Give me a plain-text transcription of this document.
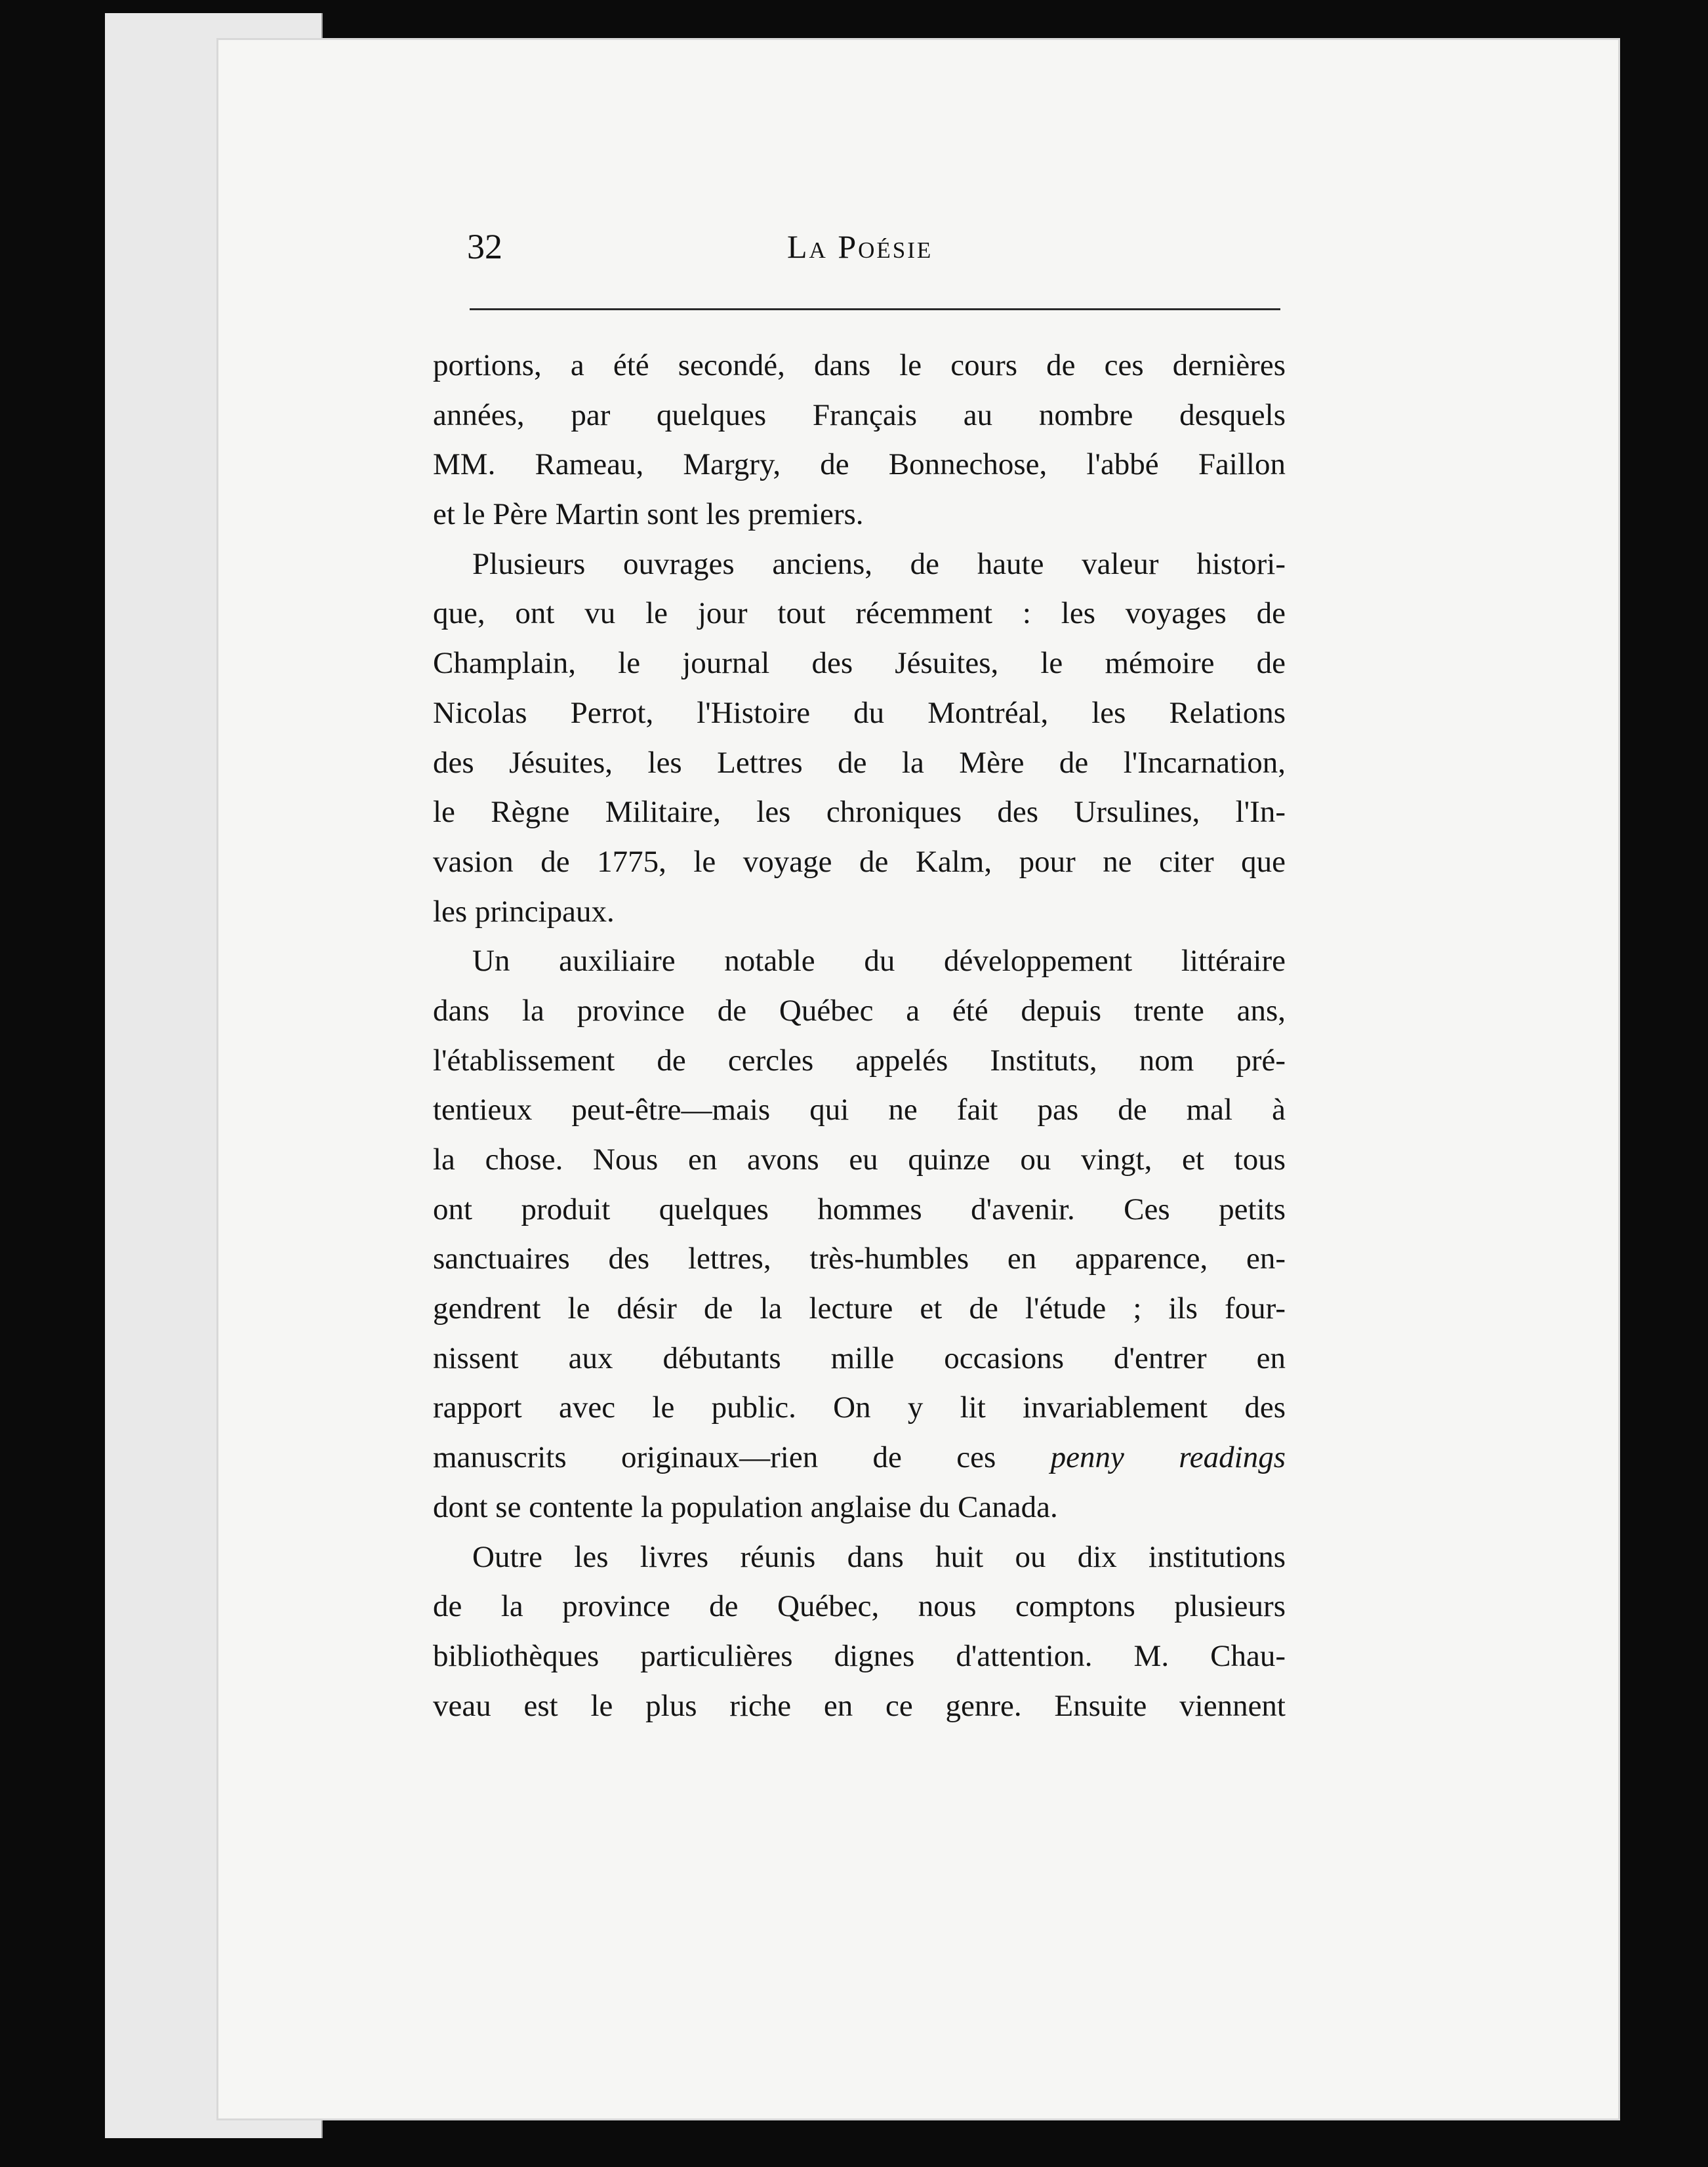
32	La Poésie
portions, a été secondé, dans le cours de ces dernières
années, par quelques Français au nombre desquels
MM. Rameau, Margry, de Bonnechose, l'abbé Faillon
et le Père Martin sont les premiers.
Plusieurs ouvrages anciens, de haute valeur histori-
que, ont vu le jour tout récemment : les voyages de
Champlain, le journal des Jésuites, le mémoire de
Nicolas Perrot, l'Histoire du Montréal, les Relations
des Jésuites, les Lettres de la Mère de l'Incarnation,
le Règne Militaire, les chroniques des Ursulines, l'In-
vasion de 1775, le voyage de Kalm, pour ne citer que
les principaux.
Un auxiliaire notable du développement littéraire
dans la province de Québec a été depuis trente ans,
l'établissement de cercles appelés Instituts, nom pré-
tentieux peut-être—mais qui ne fait pas de mal à
la chose. Nous en avons eu quinze ou vingt, et tous
ont produit quelques hommes d'avenir. Ces petits
sanctuaires des lettres, très-humbles en apparence, en-
gendrent le désir de la lecture et de l'étude ; ils four-
nissent aux débutants mille occasions d'entrer en
rapport avec le public. On y lit invariablement des
manuscrits originaux—rien de ces penny readings
dont se contente la population anglaise du Canada.
Outre les livres réunis dans huit ou dix institutions
de la province de Québec, nous comptons plusieurs
bibliothèques particulières dignes d'attention. M. Chau-
veau est le plus riche en ce genre. Ensuite viennent
